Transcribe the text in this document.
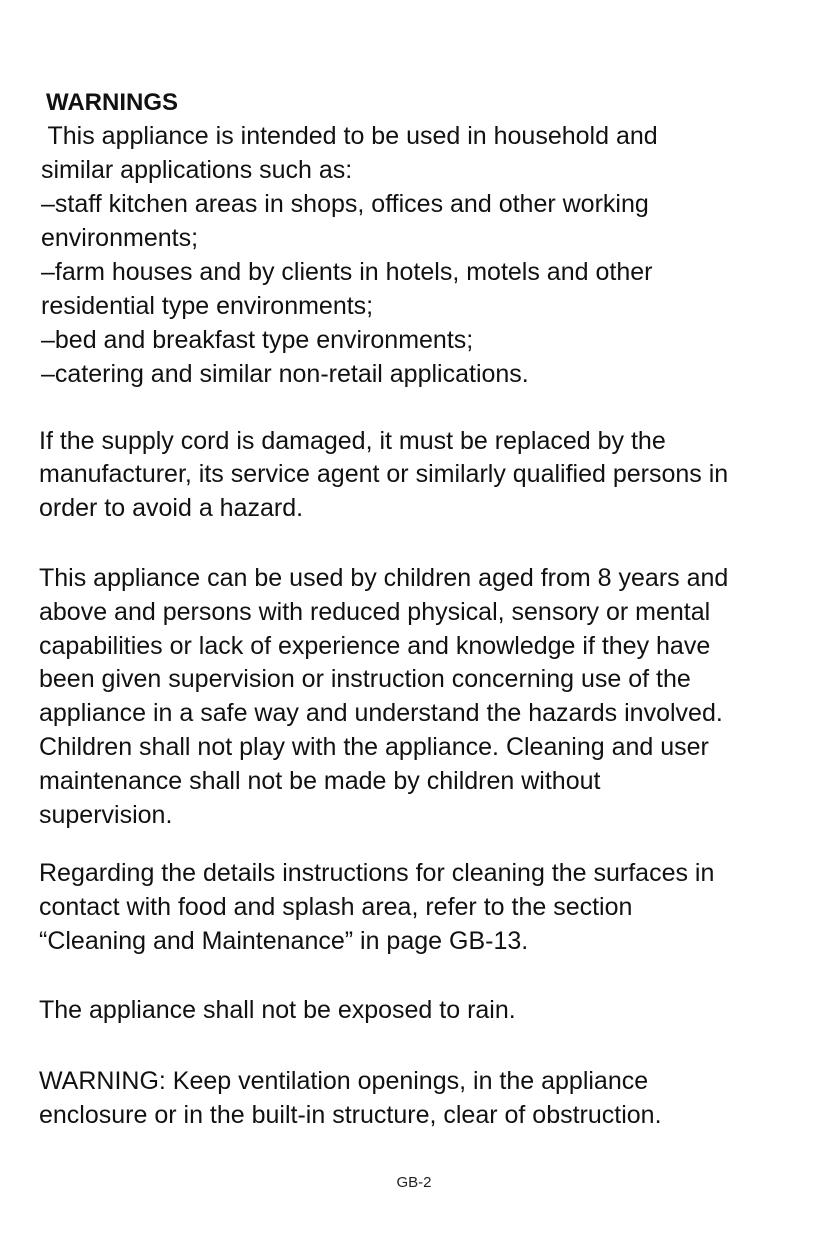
WARNINGS
This appliance is intended to be used in household and
similar applications such as:
–staff kitchen areas in shops, offices and other working
environments;
–farm houses and by clients in hotels, motels and other
residential type environments;
–bed and breakfast type environments;
–catering and similar non-retail applications.
If the supply cord is damaged, it must be replaced by the
manufacturer, its service agent or similarly qualified persons in
order to avoid a hazard.
This appliance can be used by children aged from 8 years and
above and persons with reduced physical, sensory or mental
capabilities or lack of experience and knowledge if they have
been given supervision or instruction concerning use of the
appliance in a safe way and understand the hazards involved.
Children shall not play with the appliance. Cleaning and user
maintenance shall not be made by children without
supervision.
Regarding the details instructions for cleaning the surfaces in
contact with food and splash area, refer to the section
“Cleaning and Maintenance” in page GB-13.
The appliance shall not be exposed to rain.
WARNING: Keep ventilation openings, in the appliance
enclosure or in the built-in structure, clear of obstruction.
GB-2
